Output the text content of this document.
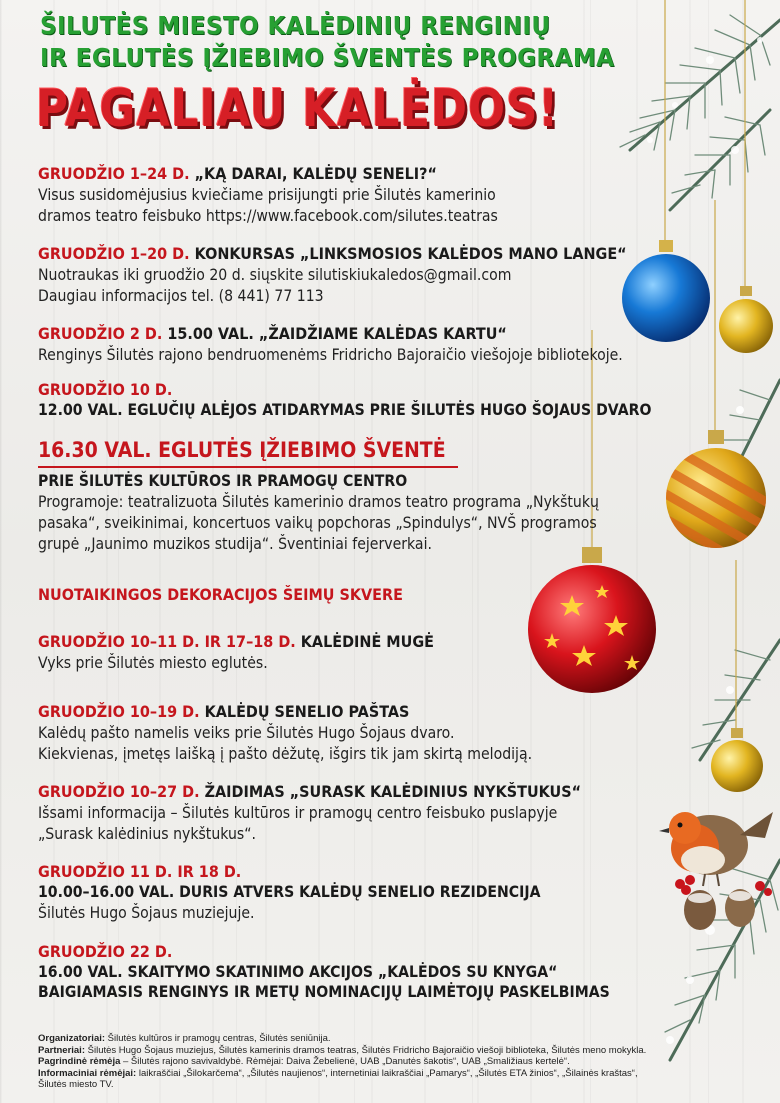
ŠILUTĖS MIESTO KALĖDINIŲ RENGINIŲ
IR EGLUTĖS ĮŽIEBIMO ŠVENTĖS PROGRAMA
PAGALIAU KALĖDOS!
GRUODŽIO 1–24 D. „KĄ DARAI, KALĖDŲ SENELI?“
Visus susidomėjusius kviečiame prisijungti prie Šilutės kamerinio
dramos teatro feisbuko https://www.facebook.com/silutes.teatras
GRUODŽIO 1–20 D. KONKURSAS „LINKSMOSIOS KALĖDOS MANO LANGE“
Nuotraukas iki gruodžio 20 d. siųskite silutiskiukaledos@gmail.com
Daugiau informacijos tel. (8 441) 77 113
GRUODŽIO 2 D. 15.00 VAL. „ŽAIDŽIAME KALĖDAS KARTU“
Renginys Šilutės rajono bendruomenėms Fridricho Bajoraičio viešojoje bibliotekoje.
GRUODŽIO 10 D.
12.00 VAL. EGLUČIŲ ALĖJOS ATIDARYMAS PRIE ŠILUTĖS HUGO ŠOJAUS DVARO
16.30 VAL. EGLUTĖS ĮŽIEBIMO ŠVENTĖ
PRIE ŠILUTĖS KULTŪROS IR PRAMOGŲ CENTRO
Programoje: teatralizuota Šilutės kamerinio dramos teatro programa „Nykštukų
pasaka“, sveikinimai, koncertuos vaikų popchoras „Spindulys“, NVŠ programos
grupė „Jaunimo muzikos studija“. Šventiniai fejerverkai.
NUOTAIKINGOS DEKORACIJOS ŠEIMŲ SKVERE
GRUODŽIO 10–11 D. IR 17–18 D. KALĖDINĖ MUGĖ
Vyks prie Šilutės miesto eglutės.
GRUODŽIO 10–19 D. KALĖDŲ SENELIO PAŠTAS
Kalėdų pašto namelis veiks prie Šilutės Hugo Šojaus dvaro.
Kiekvienas, įmetęs laišką į pašto dėžutę, išgirs tik jam skirtą melodiją.
GRUODŽIO 10–27 D. ŽAIDIMAS „SURASK KALĖDINIUS NYKŠTUKUS“
Išsami informacija – Šilutės kultūros ir pramogų centro feisbuko puslapyje
„Surask kalėdinius nykštukus“.
GRUODŽIO 11 D. IR 18 D.
10.00–16.00 VAL. DURIS ATVERS KALĖDŲ SENELIO REZIDENCIJA
Šilutės Hugo Šojaus muziejuje.
GRUODŽIO 22 D.
16.00 VAL. SKAITYMO SKATINIMO AKCIJOS „KALĖDOS SU KNYGA“
BAIGIAMASIS RENGINYS IR METŲ NOMINACIJŲ LAIMĖTOJŲ PASKELBIMAS
Organizatoriai: Šilutės kultūros ir pramogų centras, Šilutės seniūnija.
Partneriai: Šilutės Hugo Šojaus muziejus, Šilutės kamerinis dramos teatras, Šilutės Fridricho Bajoraičio viešoji biblioteka, Šilutės meno mokykla.
Pagrindinė rėmėja – Šilutės rajono savivaldybė. Rėmėjai: Daiva Žebelienė, UAB „Danutės šakotis“, UAB „Smaližiaus kertelė“.
Informaciniai rėmėjai: laikraščiai „Šilokarčema“, „Šilutės naujienos“, internetiniai laikraščiai „Pamarys“, „Šilutės ETA žinios“, „Šilainės kraštas“,
Šilutės miesto TV.
